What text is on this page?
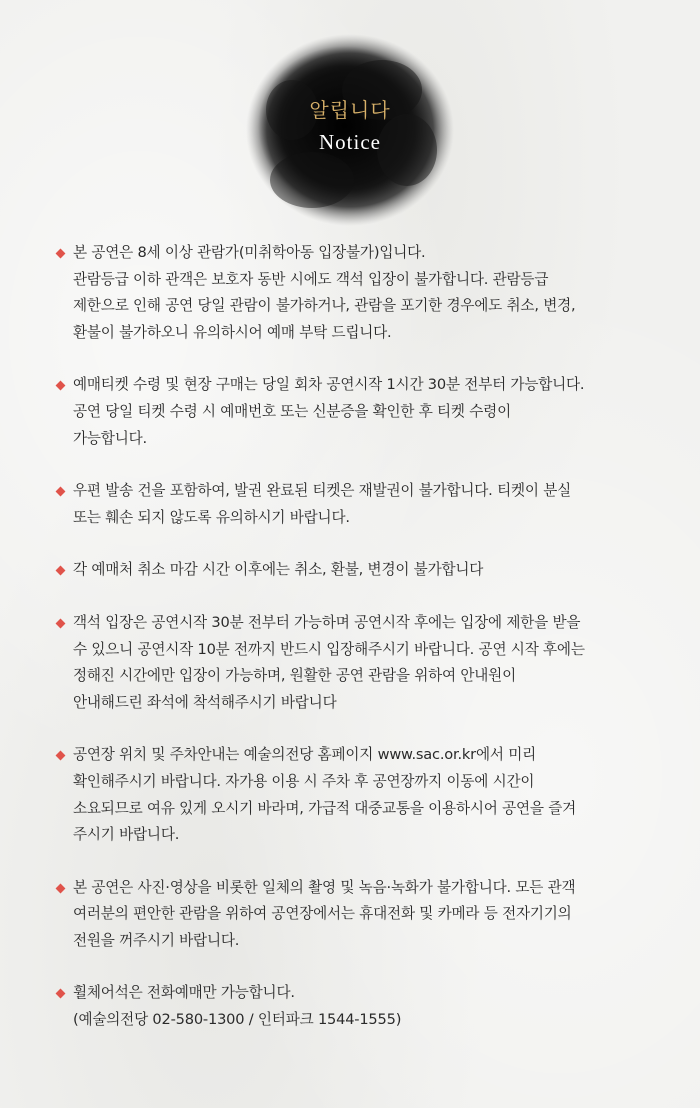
알립니다
Notice
본 공연은 8세 이상 관람가(미취학아동 입장불가)입니다.
관람등급 이하 관객은 보호자 동반 시에도 객석 입장이 불가합니다. 관람등급
제한으로 인해 공연 당일 관람이 불가하거나, 관람을 포기한 경우에도 취소, 변경,
환불이 불가하오니 유의하시어 예매 부탁 드립니다.
예매티켓 수령 및 현장 구매는 당일 회차 공연시작 1시간 30분 전부터 가능합니다.
공연 당일 티켓 수령 시 예매번호 또는 신분증을 확인한 후 티켓 수령이
가능합니다.
우편 발송 건을 포함하여, 발권 완료된 티켓은 재발권이 불가합니다. 티켓이 분실
또는 훼손 되지 않도록 유의하시기 바랍니다.
각 예매처 취소 마감 시간 이후에는 취소, 환불, 변경이 불가합니다
객석 입장은 공연시작 30분 전부터 가능하며 공연시작 후에는 입장에 제한을 받을
수 있으니 공연시작 10분 전까지 반드시 입장해주시기 바랍니다. 공연 시작 후에는
정해진 시간에만 입장이 가능하며, 원활한 공연 관람을 위하여 안내원이
안내해드린 좌석에 착석해주시기 바랍니다
공연장 위치 및 주차안내는 예술의전당 홈페이지 www.sac.or.kr에서 미리
확인해주시기 바랍니다. 자가용 이용 시 주차 후 공연장까지 이동에 시간이
소요되므로 여유 있게 오시기 바라며, 가급적 대중교통을 이용하시어 공연을 즐겨
주시기 바랍니다.
본 공연은 사진·영상을 비롯한 일체의 촬영 및 녹음·녹화가 불가합니다. 모든 관객
여러분의 편안한 관람을 위하여 공연장에서는 휴대전화 및 카메라 등 전자기기의
전원을 꺼주시기 바랍니다.
휠체어석은 전화예매만 가능합니다.
(예술의전당 02-580-1300 / 인터파크 1544-1555)
